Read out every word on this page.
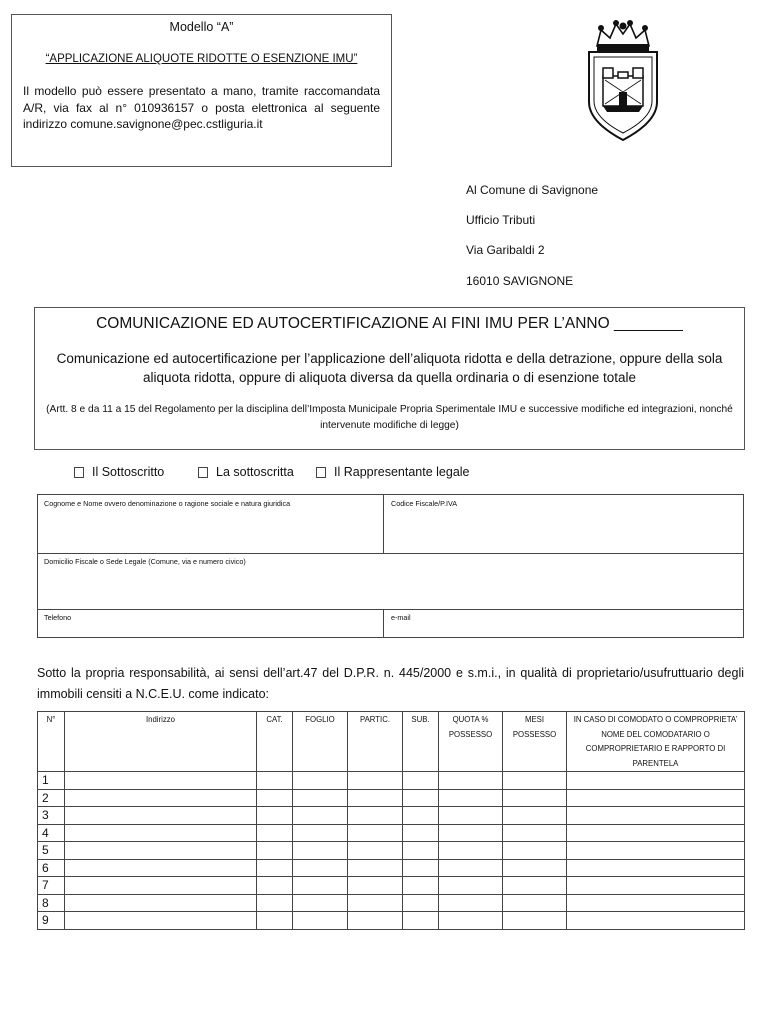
Modello “A”
“APPLICAZIONE ALIQUOTE RIDOTTE O ESENZIONE IMU”
Il modello può essere presentato a mano, tramite raccomandata A/R, via fax al n° 010936157 o posta elettronica al seguente indirizzo comune.savignone@pec.cstliguria.it
Al Comune di Savignone
Ufficio Tributi
Via Garibaldi 2
16010 SAVIGNONE
COMUNICAZIONE ED AUTOCERTIFICAZIONE AI FINI IMU PER L’ANNO ________
Comunicazione ed autocertificazione per l’applicazione dell’aliquota ridotta e della detrazione, oppure della sola aliquota ridotta, oppure di aliquota diversa da quella ordinaria o di esenzione totale
(Artt. 8 e da 11 a 15 del Regolamento per la disciplina dell’Imposta Municipale Propria Sperimentale IMU e successive modifiche ed integrazioni, nonché intervenute modifiche di legge)
Il Sottoscritto	La sottoscritta	Il Rappresentante legale
Cognome e Nome ovvero denominazione o ragione sociale e natura giuridica	Codice Fiscale/P.IVA
Domicilio Fiscale o Sede Legale (Comune, via e numero civico)
Telefono	e-mail
Sotto la propria responsabilità, ai sensi dell’art.47 del D.P.R. n. 445/2000 e s.m.i., in qualità di proprietario/usufruttuario degli immobili censiti a N.C.E.U. come indicato:
N°	Indirizzo	CAT.	FOGLIO	PARTIC.	SUB.	QUOTA % POSSESSO	MESI POSSESSO	IN CASO DI COMODATO O COMPROPRIETA’ NOME DEL COMODATARIO O COMPROPRIETARIO E RAPPORTO DI PARENTELA
1								
2								
3								
4								
5								
6								
7								
8								
9								
